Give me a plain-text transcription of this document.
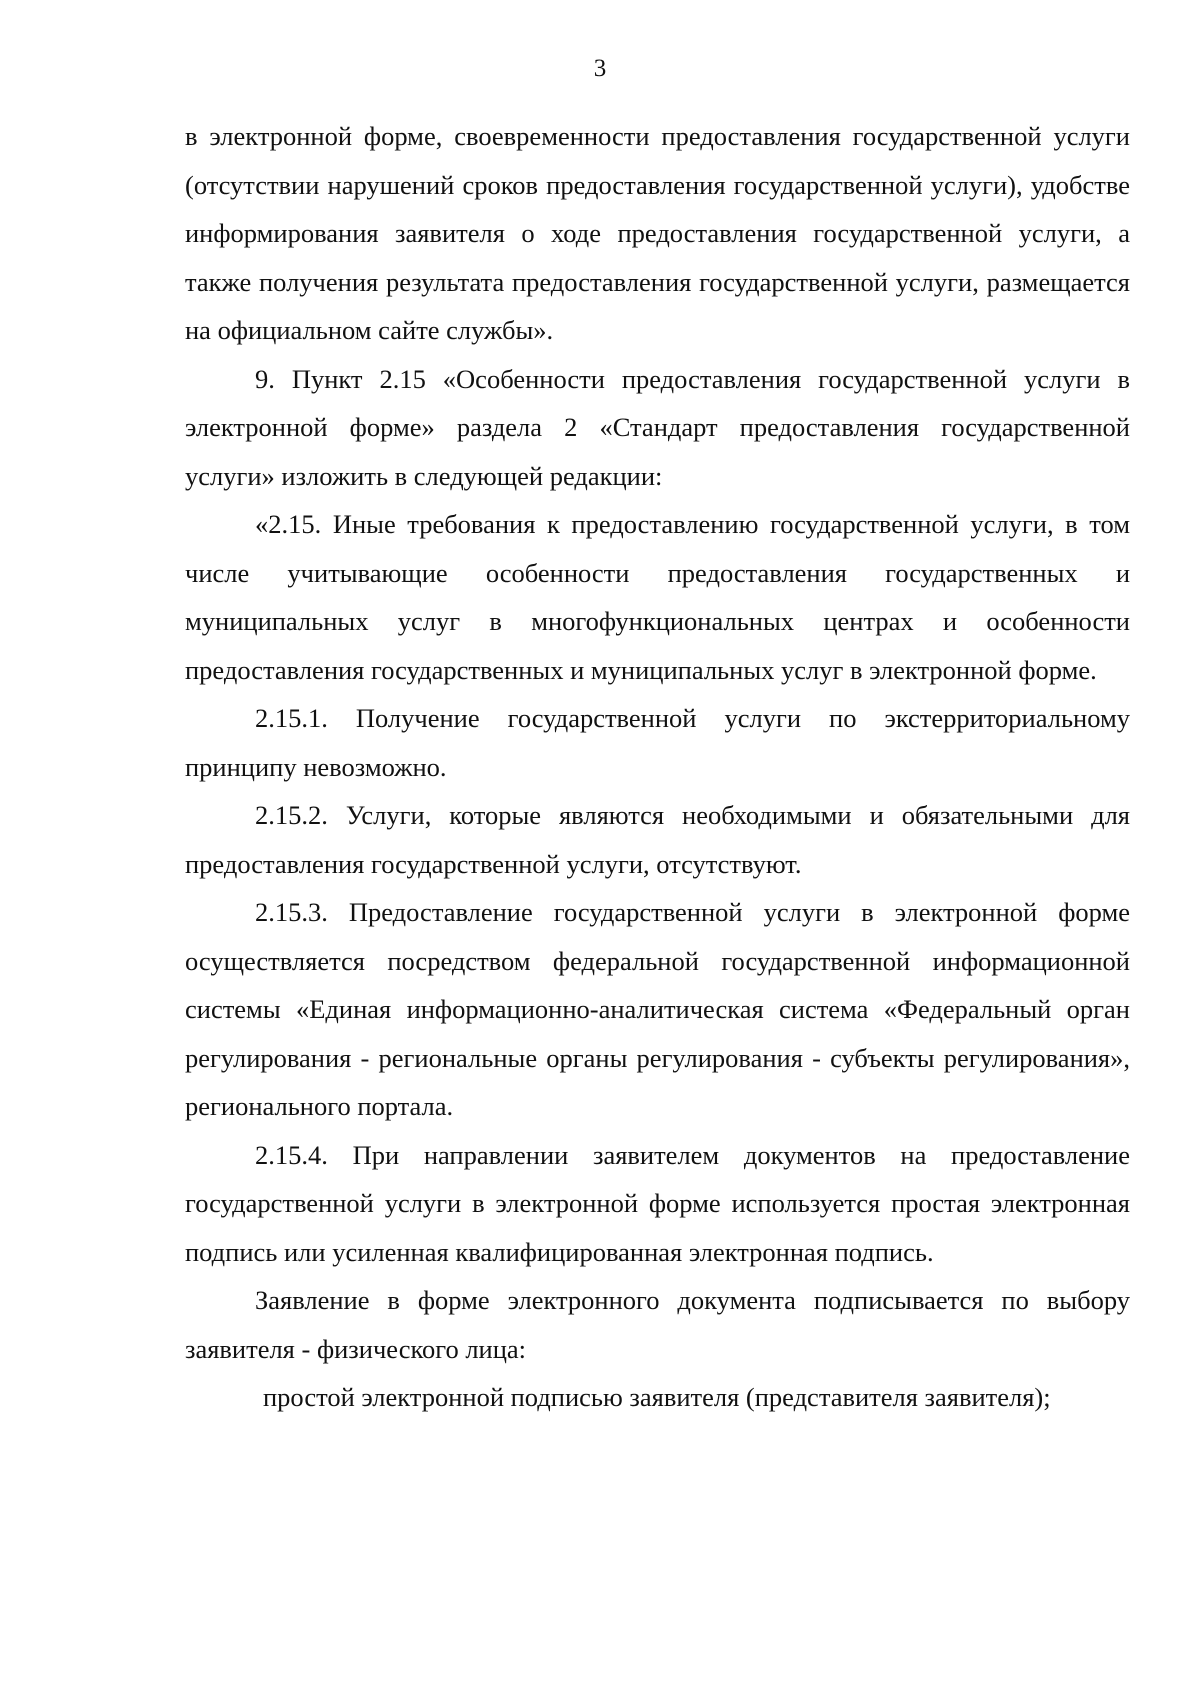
3

в электронной форме, своевременности предоставления государственной услуги (отсутствии нарушений сроков предоставления государственной услуги), удобстве информирования заявителя о ходе предоставления государственной услуги, а также получения результата предоставления государственной услуги, размещается на официальном сайте службы».

9. Пункт 2.15 «Особенности предоставления государственной услуги в электронной форме» раздела 2 «Стандарт предоставления государственной услуги» изложить в следующей редакции:

«2.15. Иные требования к предоставлению государственной услуги, в том числе учитывающие особенности предоставления государственных и муниципальных услуг в многофункциональных центрах и особенности предоставления государственных и муниципальных услуг в электронной форме.

2.15.1. Получение государственной услуги по экстерриториальному принципу невозможно.

2.15.2. Услуги, которые являются необходимыми и обязательными для предоставления государственной услуги, отсутствуют.

2.15.3. Предоставление государственной услуги в электронной форме осуществляется посредством федеральной государственной информационной системы «Единая информационно-аналитическая система «Федеральный орган регулирования - региональные органы регулирования - субъекты регулирования», регионального портала.

2.15.4. При направлении заявителем документов на предоставление государственной услуги в электронной форме используется простая электронная подпись или усиленная квалифицированная электронная подпись.

Заявление в форме электронного документа подписывается по выбору заявителя - физического лица:

простой электронной подписью заявителя (представителя заявителя);
